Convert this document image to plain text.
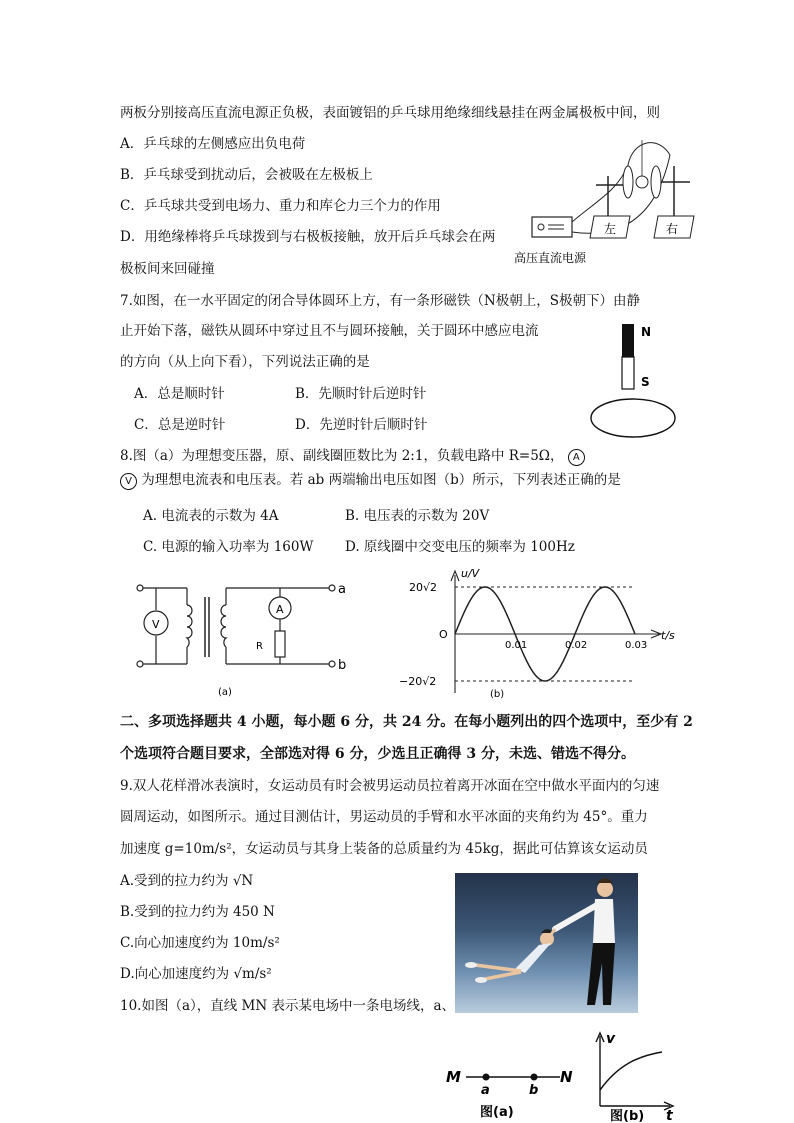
两板分别接高压直流电源正负极，表面镀铝的乒乓球用绝缘细线悬挂在两金属极板中间，则
A．乒乓球的左侧感应出负电荷
B．乒乓球受到扰动后，会被吸在左极板上
C．乒乓球共受到电场力、重力和库仑力三个力的作用
D．用绝缘棒将乒乓球拨到与右极板接触，放开后乒乓球会在两
极板间来回碰撞
左	右
高压直流电源
7.如图，在一水平固定的闭合导体圆环上方，有一条形磁铁（N极朝上，S极朝下）由静
止开始下落，磁铁从圆环中穿过且不与圆环接触，关于圆环中感应电流
的方向（从上向下看），下列说法正确的是
A．总是顺时针	B．先顺时针后逆时针
C．总是逆时针	D．先逆时针后顺时针
N
S
8.图（a）为理想变压器，原、副线圈匝数比为 2:1，负载电路中 R=5Ω， A
V 为理想电流表和电压表。若 ab 两端输出电压如图（b）所示，下列表述正确的是
A. 电流表的示数为 4A	B. 电压表的示数为 20V
C. 电源的输入功率为 160W D. 原线圈中交变电压的频率为 100Hz
V
A
R
a
b
(a)
u/V
t/s
O
20√2
−20√2
0.01	0.02	0.03
(b)
二、多项选择题共 4 小题，每小题 6 分，共 24 分。在每小题列出的四个选项中，至少有 2
个选项符合题目要求，全部选对得 6 分，少选且正确得 3 分，未选、错选不得分。
9.双人花样滑冰表演时，女运动员有时会被男运动员拉着离开冰面在空中做水平面内的匀速
圆周运动，如图所示。通过目测估计，男运动员的手臂和水平冰面的夹角约为 45°。重力
加速度 g=10m/s²，女运动员与其身上装备的总质量约为 45kg，据此可估算该女运动员
A.受到的拉力约为 √N
B.受到的拉力约为 450 N
C.向心加速度约为 10m/s²
D.向心加速度约为 √m/s²
10.如图（a），直线 MN 表示某电场中一条电场线，a、
M	N
a	b
图(a)
v
t
图(b)
